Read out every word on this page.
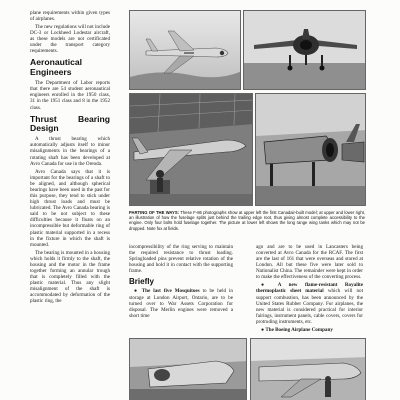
plane requirements within given types of airplanes.

The new regulations will not include DC-3 or Lockheed Lodestar aircraft, as these models are not certificated under the transport category requirements.

Aeronautical Engineers

The Department of Labor reports that there are 54 student aeronautical engineers enrolled in the 1950 class, 31 in the 1951 class and 8 in the 1952 class.

Thrust Bearing Design

A thrust bearing which automatically adjusts itself to minor misalignments in the bearings of a rotating shaft has been developed at Avro Canada for use in the Orenda.

Avro Canada says that it is important for the bearings of a shaft to be aligned, and although spherical bearings have been used in the past for this purpose, they tend to stick under high thrust loads and must be lubricated. The Avro Canada bearing is said to be not subject to these difficulties because it floats on an incompressible but deformable ring of plastic material supported in a recess in the fixture in which the shaft is mounted.

The bearing is mounted in a housing which holds it firmly to the shaft, the housing and the motor in the frame together forming an annular trough that is completely filled with the plastic material. Thus any slight misalignment of the shaft is accommodated by deformation of the plastic ring, the

PARTING OF THE WAYS: These F-86 photographs show at upper left the first Canadair-built model; at upper and lower right, an illustration of how the fuselage splits just behind the trailing edge root, thus giving almost complete accessibility to the engine. Only four bolts hold fuselage together. The picture at lower left shows the long range wing tanks which may not be dropped. Note fox at fields.

incompressibility of the ring serving to maintain the required resistance to thrust loading. Springloaded pins prevent relative rotation of the housing and hold it in contact with the supporting frame.

Briefly

● The last five Mosquitoes to be held in storage at London Airport, Ontario, are to be turned over to War Assets Corporation for disposal. The Merlin engines were removed a short time

ago and are to be used in Lancasters being converted at Avro Canada for the RCAF. The first are the last of 161 that were overseas and stored at London. All but these five were later sold to Nationalist China. The remainder were kept in order to make the effectiveness of the converting process.

● A new flame-resistant Royalite thermoplastic sheet material which will not support combustion, has been announced by the United States Rubber Company. For airplanes, the new material is considered practical for interior fairings, instrument panels, cable covers, covers for protruding instruments, etc.

● The Boeing Airplane Company
